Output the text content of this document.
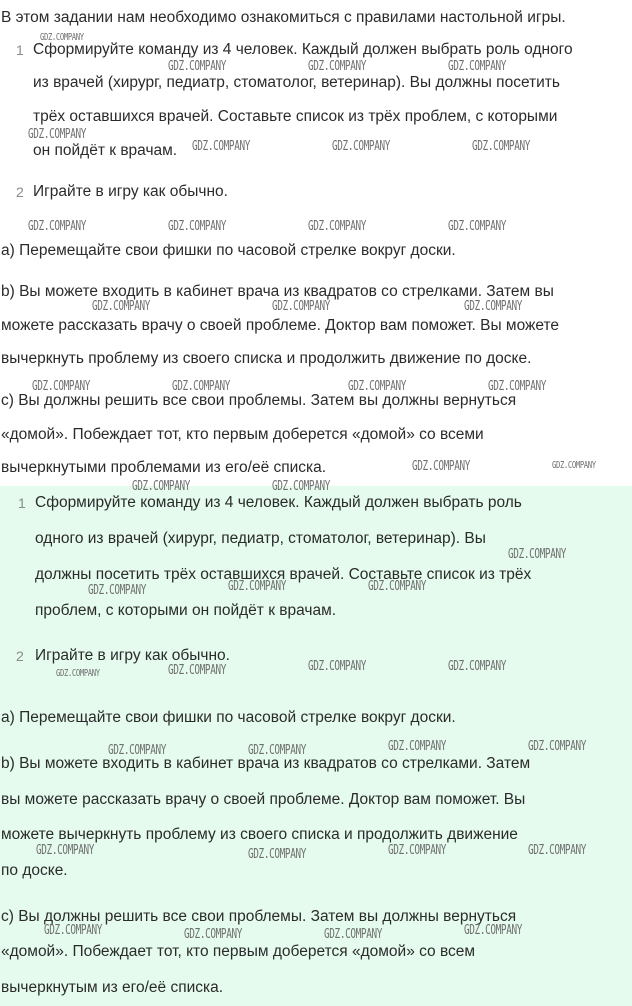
В этом задании нам необходимо ознакомиться с правилами настольной игры.
1 Сформируйте команду из 4 человек. Каждый должен выбрать роль одного
из врачей (хирург, педиатр, стоматолог, ветеринар). Вы должны посетить
трёх оставшихся врачей. Составьте список из трёх проблем, с которыми
он пойдёт к врачам.
2 Играйте в игру как обычно.
а) Перемещайте свои фишки по часовой стрелке вокруг доски.
b) Вы можете входить в кабинет врача из квадратов со стрелками. Затем вы
можете рассказать врачу о своей проблеме. Доктор вам поможет. Вы можете
вычеркнуть проблему из своего списка и продолжить движение по доске.
с) Вы должны решить все свои проблемы. Затем вы должны вернуться
«домой». Побеждает тот, кто первым доберется «домой» со всеми
вычеркнутыми проблемами из его/её списка.
1 Сформируйте команду из 4 человек. Каждый должен выбрать роль
одного из врачей (хирург, педиатр, стоматолог, ветеринар). Вы
должны посетить трёх оставшихся врачей. Составьте список из трёх
проблем, с которыми он пойдёт к врачам.
2 Играйте в игру как обычно.
а) Перемещайте свои фишки по часовой стрелке вокруг доски.
b) Вы можете входить в кабинет врача из квадратов со стрелками. Затем
вы можете рассказать врачу о своей проблеме. Доктор вам поможет. Вы
можете вычеркнуть проблему из своего списка и продолжить движение
по доске.
с) Вы должны решить все свои проблемы. Затем вы должны вернуться
«домой». Побеждает тот, кто первым доберется «домой» со всем
вычеркнутым из его/её списка.
GDZ.COMPANY
GDZ.COMPANY	GDZ.COMPANY	GDZ.COMPANY
GDZ.COMPANY
GDZ.COMPANY	GDZ.COMPANY	GDZ.COMPANY
GDZ.COMPANY	GDZ.COMPANY	GDZ.COMPANY	GDZ.COMPANY
GDZ.COMPANY	GDZ.COMPANY	GDZ.COMPANY
GDZ.COMPANY	GDZ.COMPANY	GDZ.COMPANY	GDZ.COMPANY
GDZ.COMPANY	GDZ.COMPANY
GDZ.COMPANY	GDZ.COMPANY
GDZ.COMPANY
GDZ.COMPANY	GDZ.COMPANY	GDZ.COMPANY
GDZ.COMPANY	GDZ.COMPANY	GDZ.COMPANY	GDZ.COMPANY
GDZ.COMPANY	GDZ.COMPANY	GDZ.COMPANY	GDZ.COMPANY
GDZ.COMPANY	GDZ.COMPANY	GDZ.COMPANY	GDZ.COMPANY
GDZ.COMPANY	GDZ.COMPANY	GDZ.COMPANY	GDZ.COMPANY
